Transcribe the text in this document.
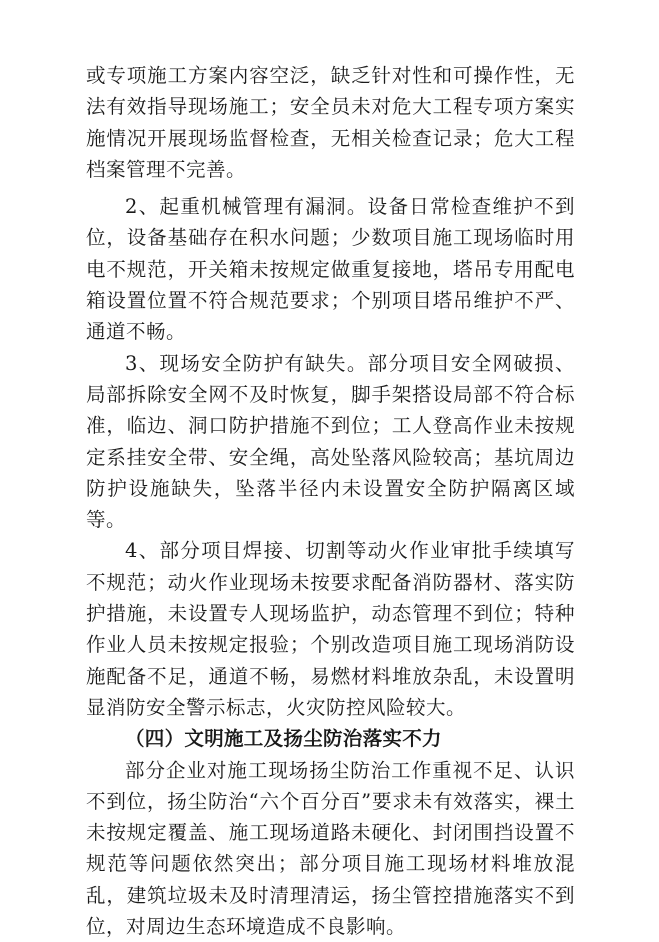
或专项施工方案内容空泛，缺乏针对性和可操作性，无法有效指导现场施工；安全员未对危大工程专项方案实施情况开展现场监督检查，无相关检查记录；危大工程档案管理不完善。

2、起重机械管理有漏洞。设备日常检查维护不到位，设备基础存在积水问题；少数项目施工现场临时用电不规范，开关箱未按规定做重复接地，塔吊专用配电箱设置位置不符合规范要求；个别项目塔吊维护不严、通道不畅。

3、现场安全防护有缺失。部分项目安全网破损、局部拆除安全网不及时恢复，脚手架搭设局部不符合标准，临边、洞口防护措施不到位；工人登高作业未按规定系挂安全带、安全绳，高处坠落风险较高；基坑周边防护设施缺失，坠落半径内未设置安全防护隔离区域等。

4、部分项目焊接、切割等动火作业审批手续填写不规范；动火作业现场未按要求配备消防器材、落实防护措施，未设置专人现场监护，动态管理不到位；特种作业人员未按规定报验；个别改造项目施工现场消防设施配备不足，通道不畅，易燃材料堆放杂乱，未设置明显消防安全警示标志，火灾防控风险较大。

（四）文明施工及扬尘防治落实不力

部分企业对施工现场扬尘防治工作重视不足、认识不到位，扬尘防治“六个百分百”要求未有效落实，裸土未按规定覆盖、施工现场道路未硬化、封闭围挡设置不规范等问题依然突出；部分项目施工现场材料堆放混乱，建筑垃圾未及时清理清运，扬尘管控措施落实不到位，对周边生态环境造成不良影响。
